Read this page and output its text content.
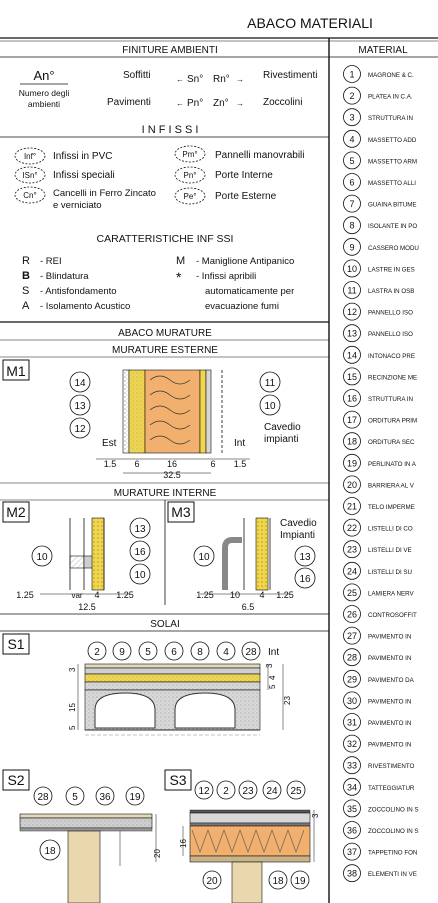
ABACO MATERIALI
FINITURE AMBIENTI
An°
Numero degli
ambienti
Soffitti
Pavimenti
← Sn° Rn° →
← Pn° Zn° →
Rivestimenti
Zoccolini
I N F I S S I
Inf° Infissi in PVC
ISn° Infissi speciali
Cn° Cancelli in Ferro Zincato
e verniciato
Pm° Pannelli manovrabili
Pn° Porte Interne
Pe° Porte Esterne
CARATTERISTICHE INF SSI
R - REI
B - Blindatura
S - Antisfondamento
A - Isolamento Acustico
M - Maniglione Antipanico
* - Infissi apribili
automaticamente per
evacuazione fumi
ABACO MURATURE
MURATURE ESTERNE
M1
14
13
12
11
10
Est	Int
Cavedio
impianti
1.5 6	16	6 1.5
32.5
MURATURE INTERNE
M2
10
13
16
10
1.25	var 4 1.25
12.5
M3
10
Cavedio
Impianti
13
16
1.25 10 4 1.25
6.5
SOLAI
S1
2 9 5 6 8 4 28 Int
3
4
5
23
3
15
5
S2
28 5 36 19
18	20
S3
12 2 23 24 25
3
16
20	18 19
MATERIAL
1 MAGRONE & C.
2 PLATEA IN C.A.
3 STRUTTURA IN
4 MASSETTO ADD
5 MASSETTO ARM
6 MASSETTO ALLI
7 GUAINA BITUME
8 ISOLANTE IN PO
9 CASSERO MODU
10 LASTRE IN GES
11 LASTRA IN OSB
12 PANNELLO ISO
13 PANNELLO ISO
14 INTONACO PRE
15 RECINZIONE ME
16 STRUTTURA IN
17 ORDITURA PRIM
18 ORDITURA SEC
19 PERLINATO IN A
20 BARRIERA AL V
21 TELO IMPERME
22 LISTELLI DI CO
23 LISTELLI DI VE
24 LISTELLI DI SU
25 LAMIERA NERV
26 CONTROSOFFIT
27 PAVIMENTO IN
28 PAVIMENTO IN
29 PAVIMENTO DA
30 PAVIMENTO IN
31 PAVIMENTO IN
32 PAVIMENTO IN
33 RIVESTIMENTO
34 TATTEGGIATUR
35 ZOCCOLINO IN S
36 ZOCCOLINO IN S
37 TAPPETINO FON
38 ELEMENTI IN VE
